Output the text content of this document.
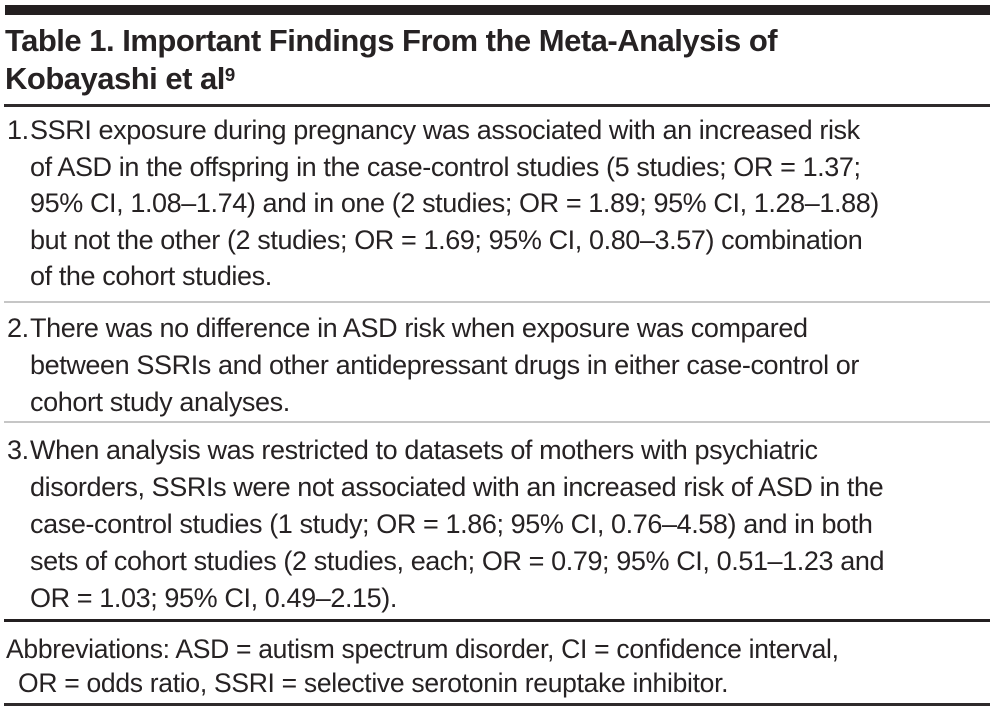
Table 1. Important Findings From the Meta-Analysis of
Kobayashi et $al^9$
1. SSRI exposure during pregnancy was associated with an increased risk
of ASD in the offspring in the case-control studies (5 studies; OR = 1.37;
95% CI, 1.08–1.74) and in one (2 studies; OR = 1.89; 95% CI, 1.28–1.88)
but not the other (2 studies; OR = 1.69; 95% CI, 0.80–3.57) combination
of the cohort studies.
2. There was no difference in ASD risk when exposure was compared
between SSRIs and other antidepressant drugs in either case-control or
cohort study analyses.
3. When analysis was restricted to datasets of mothers with psychiatric
disorders, SSRIs were not associated with an increased risk of ASD in the
case-control studies (1 study; OR = 1.86; 95% CI, 0.76–4.58) and in both
sets of cohort studies (2 studies, each; OR = 0.79; 95% CI, 0.51–1.23 and
OR = 1.03; 95% CI, 0.49–2.15).
Abbreviations: ASD = autism spectrum disorder, CI = confidence interval,
OR = odds ratio, SSRI = selective serotonin reuptake inhibitor.
